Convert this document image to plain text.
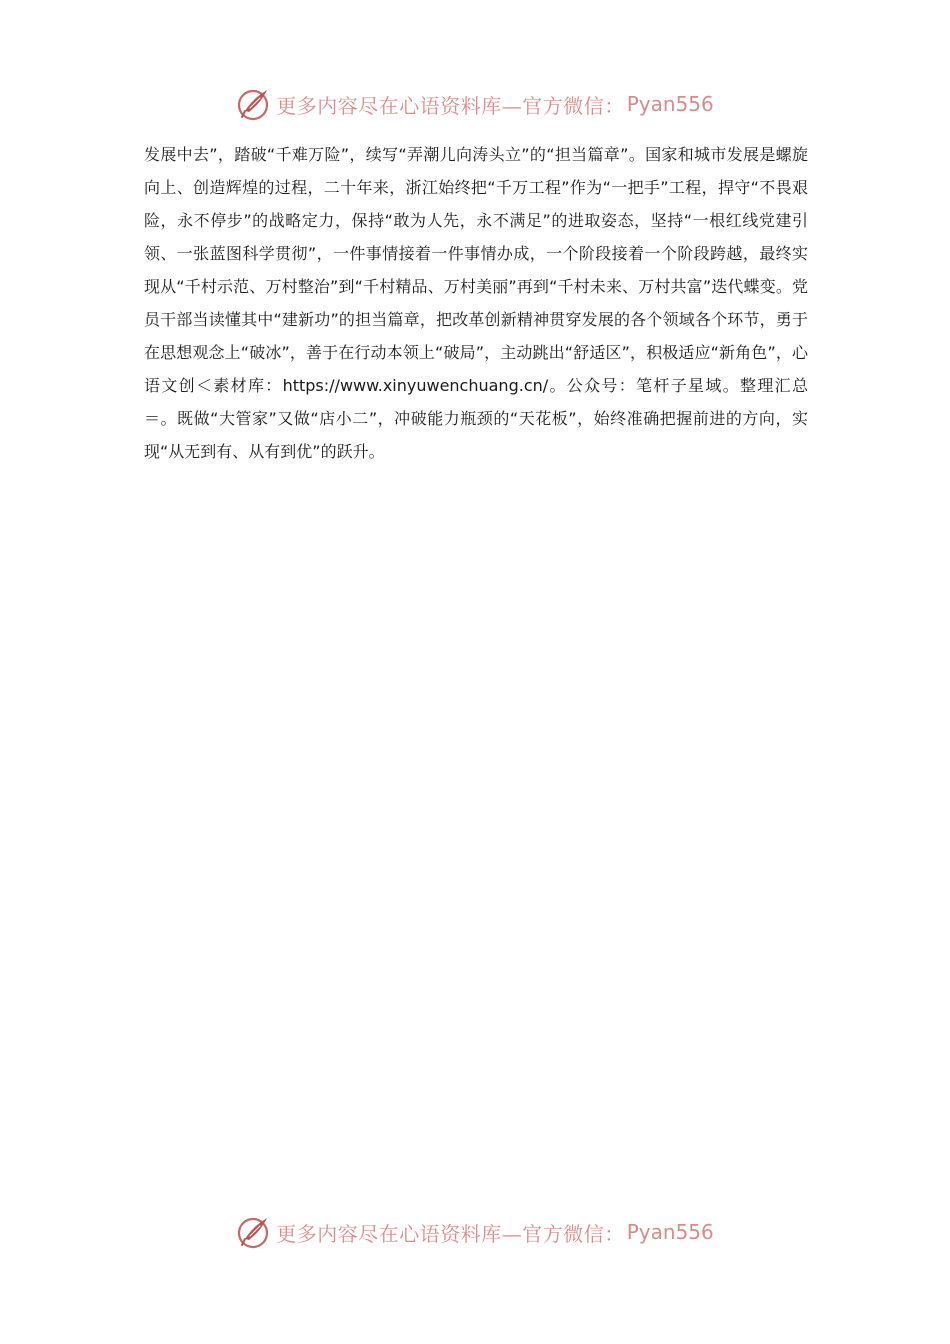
更多内容尽在心语资料库—官方微信： Pyan556

发展中去”，踏破“千难万险”，续写“弄潮儿向涛头立”的“担当篇章”。国家和城市发展是螺旋向上、创造辉煌的过程，二十年来，浙江始终把“千万工程”作为“一把手”工程，捍守“不畏艰险，永不停步”的战略定力，保持“敢为人先，永不满足”的进取姿态，坚持“一根红线党建引领、一张蓝图科学贯彻”，一件事情接着一件事情办成，一个阶段接着一个阶段跨越，最终实现从“千村示范、万村整治”到“千村精品、万村美丽”再到“千村未来、万村共富”迭代蝶变。党员干部当读懂其中“建新功”的担当篇章，把改革创新精神贯穿发展的各个领域各个环节，勇于在思想观念上“破冰”，善于在行动本领上“破局”，主动跳出“舒适区”，积极适应“新角色”，心语文创＜素材库：https://www.xinyuwenchuang.cn/。公众号：笔杆子星域。整理汇总＝。既做“大管家”又做“店小二”，冲破能力瓶颈的“天花板”，始终准确把握前进的方向，实现“从无到有、从有到优”的跃升。

更多内容尽在心语资料库—官方微信： Pyan556
